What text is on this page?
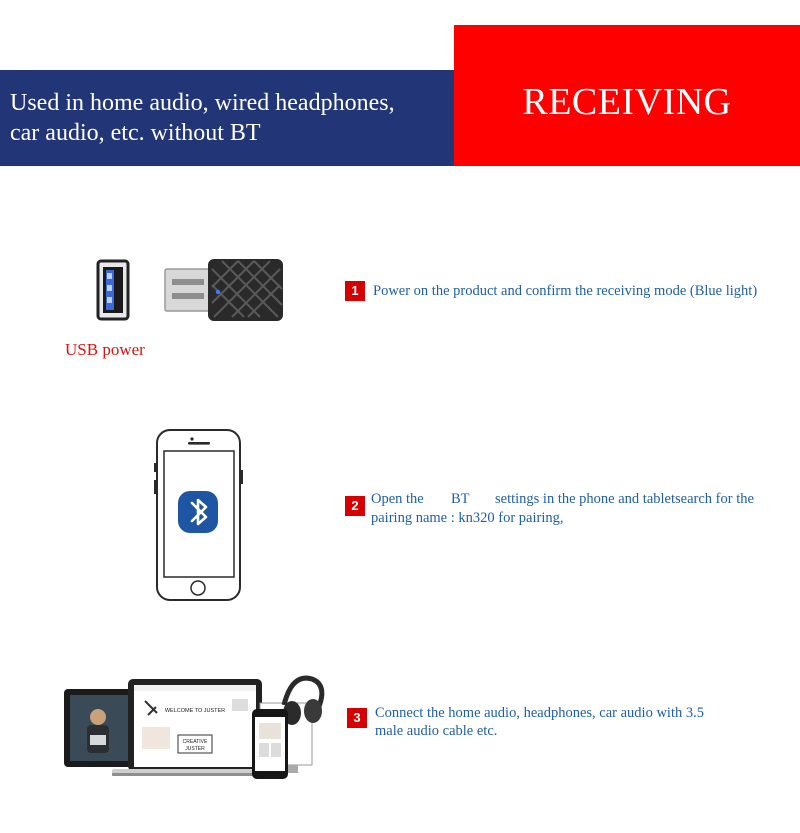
Used in home audio, wired headphones,
car audio, etc. without BT
RECEIVING
USB power
1 Power on the product and confirm the receiving mode (Blue light)
2 Open the BT settings in the phone and tabletsearch for the
pairing name : kn320 for pairing,
WELCOME TO JUSTER
CREATIVE
JUSTER
3 Connect the home audio, headphones, car audio with 3.5
male audio cable etc.
